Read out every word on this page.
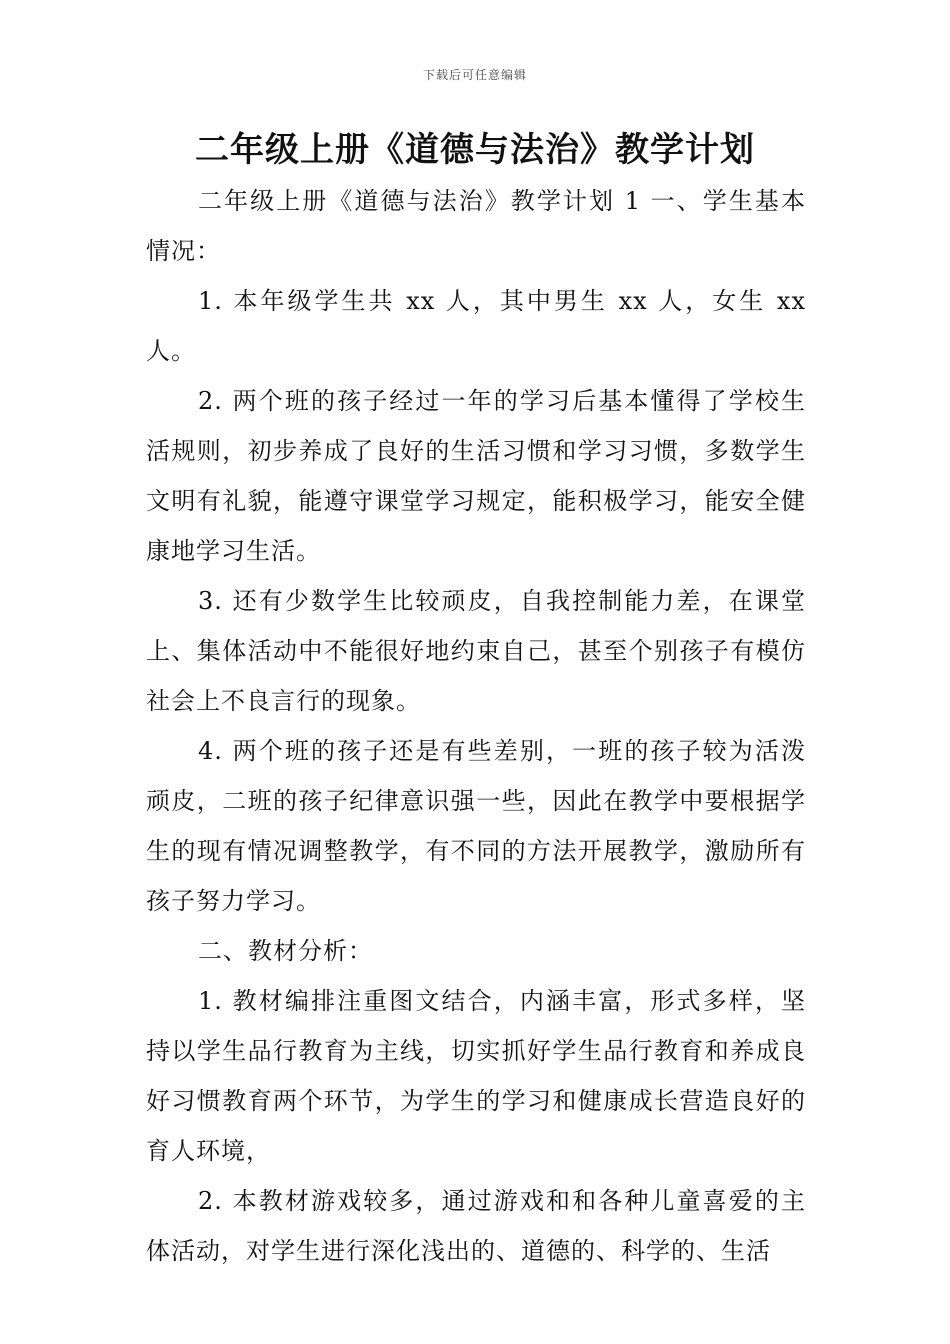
下载后可任意编辑
二年级上册《道德与法治》教学计划

二年级上册《道德与法治》教学计划 1 一、学生基本情况：

1. 本年级学生共 xx 人，其中男生 xx 人，女生 xx 人。

2. 两个班的孩子经过一年的学习后基本懂得了学校生活规则，初步养成了良好的生活习惯和学习习惯，多数学生文明有礼貌，能遵守课堂学习规定，能积极学习，能安全健康地学习生活。

3. 还有少数学生比较顽皮，自我控制能力差，在课堂上、集体活动中不能很好地约束自己，甚至个别孩子有模仿社会上不良言行的现象。

4. 两个班的孩子还是有些差别，一班的孩子较为活泼顽皮，二班的孩子纪律意识强一些，因此在教学中要根据学生的现有情况调整教学，有不同的方法开展教学，激励所有孩子努力学习。

二、教材分析：

1. 教材编排注重图文结合，内涵丰富，形式多样，坚持以学生品行教育为主线，切实抓好学生品行教育和养成良好习惯教育两个环节，为学生的学习和健康成长营造良好的育人环境，

2. 本教材游戏较多，通过游戏和和各种儿童喜爱的主体活动，对学生进行深化浅出的、道德的、科学的、生活
